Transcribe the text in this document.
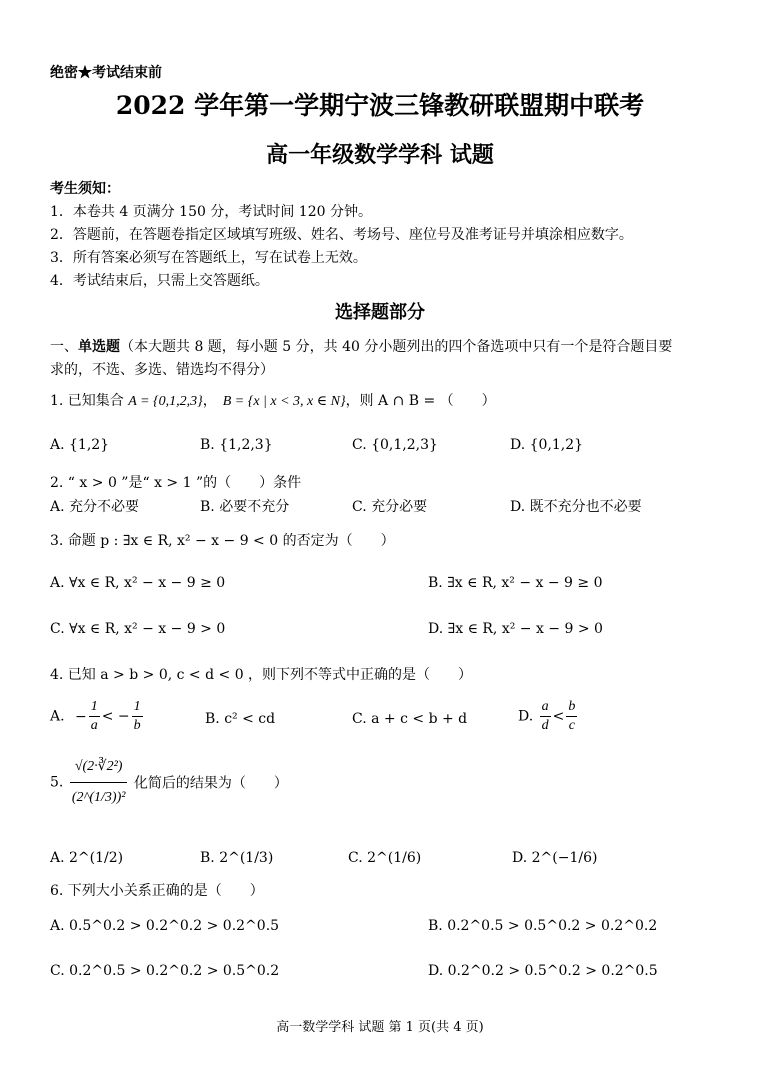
绝密★考试结束前
2022 学年第一学期宁波三锋教研联盟期中联考
高一年级数学学科 试题
考生须知：
1．本卷共 4 页满分 150 分，考试时间 120 分钟。
2．答题前，在答题卷指定区域填写班级、姓名、考场号、座位号及准考证号并填涂相应数字。
3．所有答案必须写在答题纸上，写在试卷上无效。
4．考试结束后，只需上交答题纸。
选择题部分
一、单选题（本大题共 8 题，每小题 5 分，共 40 分小题列出的四个备选项中只有一个是符合题目要
求的，不选、多选、错选均不得分）
1. 已知集合 A = {0,1,2,3}， B = {x | x < 3, x ∈ N}，则 A ∩ B = （　　）
A. {1,2}	B. {1,2,3}	C. {0,1,2,3}	D. {0,1,2}
2. “ x > 0 ”是“ x > 1 ”的（　　）条件
A. 充分不必要	B. 必要不充分	C. 充分必要	D. 既不充分也不必要
3. 命题 p : ∃x ∈ R, x² − x − 9 < 0 的否定为（　　）
A. ∀x ∈ R, x² − x − 9 ≥ 0	B. ∃x ∈ R, x² − x − 9 ≥ 0
C. ∀x ∈ R, x² − x − 9 > 0	D. ∃x ∈ R, x² − x − 9 > 0
4. 已知 a > b > 0, c < d < 0 ，则下列不等式中正确的是（　　）
A. − $\frac{1}{a}$ < − $\frac{1}{b}$	B. c² < cd	C. a + c < b + d	D. $\frac{a}{d} < \frac{b}{c}$
5. $\frac{\text{√(2·∛2²)}}{\text{(2\textasciicircum{}(1/3))²}}$ 化简后的结果为（　　）
A. 2^(1/2)	B. 2^(1/3)	C. 2^(1/6)	D. 2^(−1/6)
6. 下列大小关系正确的是（　　）
A. 0.5^0.2 > 0.2^0.2 > 0.2^0.5	B. 0.2^0.5 > 0.5^0.2 > 0.2^0.2
C. 0.2^0.5 > 0.2^0.2 > 0.5^0.2	D. 0.2^0.2 > 0.5^0.2 > 0.2^0.5
高一数学学科 试题 第 1 页(共 4 页)
